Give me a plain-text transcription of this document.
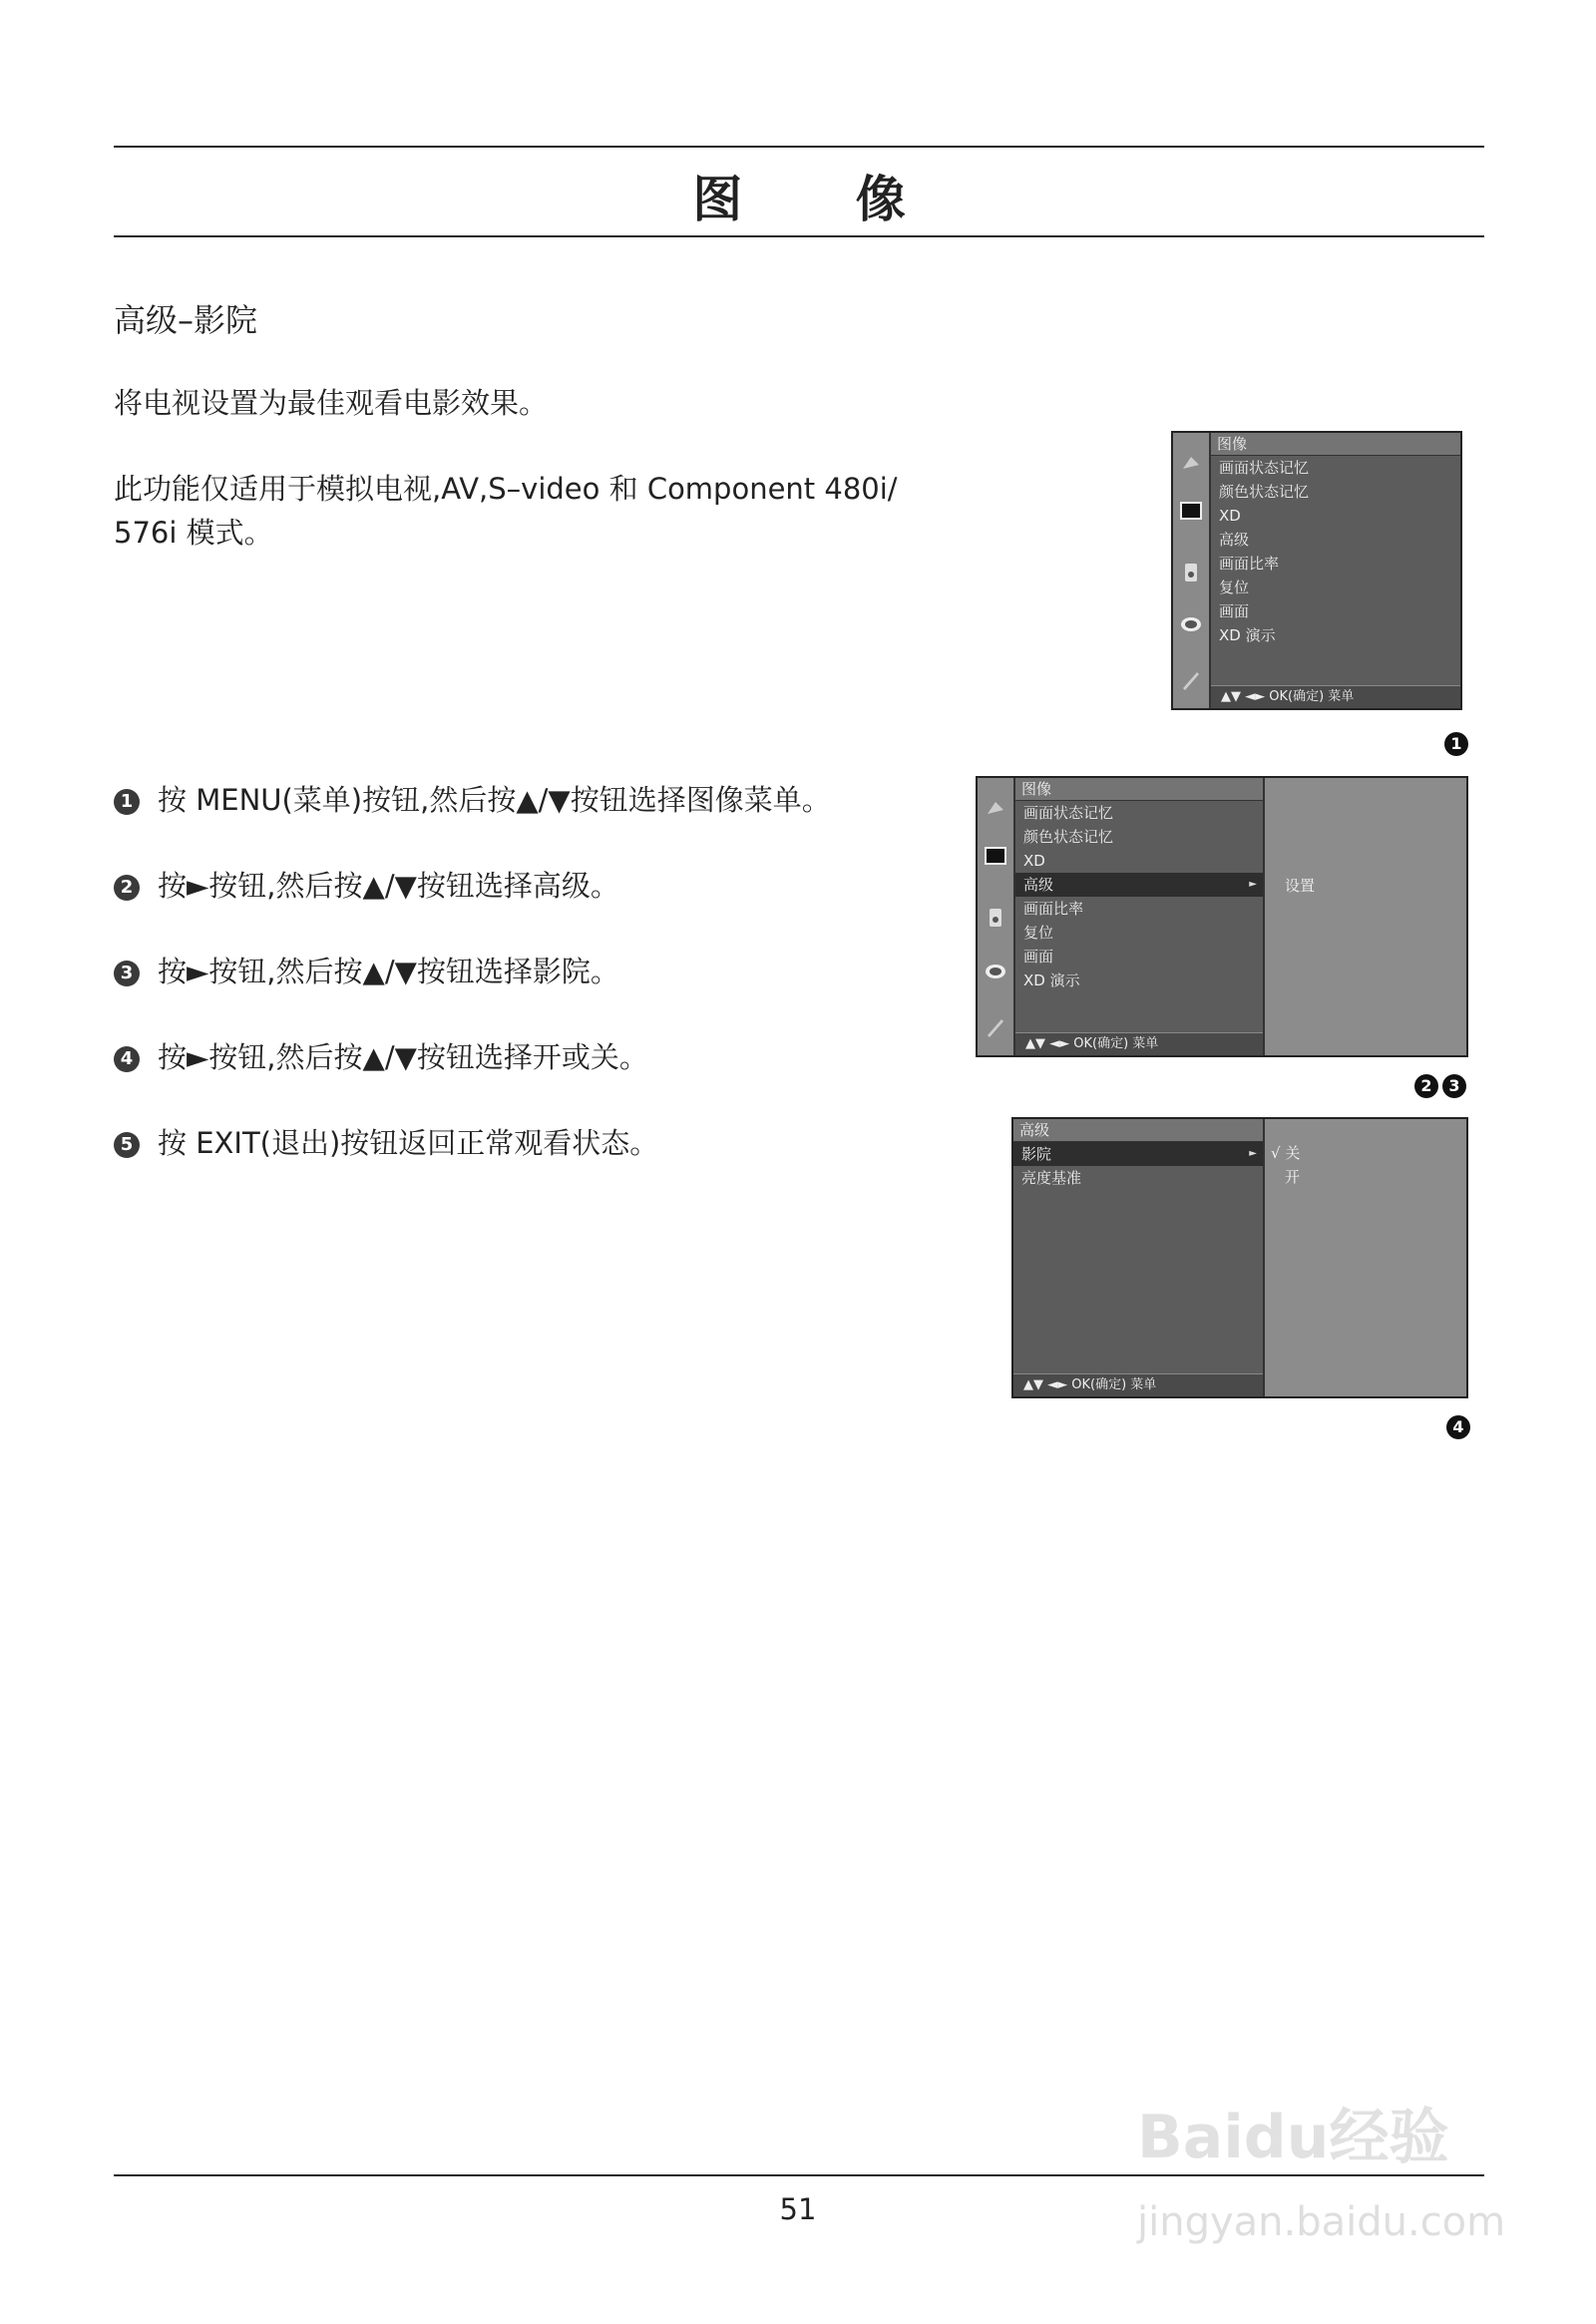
图 像
高级–影院
将电视设置为最佳观看电影效果。
此功能仅适用于模拟电视,AV,S–video 和 Component 480i/
576i 模式。
1 按 MENU(菜单)按钮,然后按▲/▼按钮选择图像菜单。
2 按►按钮,然后按▲/▼按钮选择高级。
3 按►按钮,然后按▲/▼按钮选择影院。
4 按►按钮,然后按▲/▼按钮选择开或关。
5 按 EXIT(退出)按钮返回正常观看状态。
图像
画面状态记忆
颜色状态记忆
XD
高级
画面比率
复位
画面
XD 演示
▲▼ ◄► OK(确定) 菜单
1
图像
画面状态记忆
颜色状态记忆
XD
高级 ►
画面比率
复位
画面
XD 演示
▲▼ ◄► OK(确定) 菜单
设置
2 3
高级
影院 ►
亮度基准
▲▼ ◄► OK(确定) 菜单
√ 关
开
4
51
Baidu经验
jingyan.baidu.com
